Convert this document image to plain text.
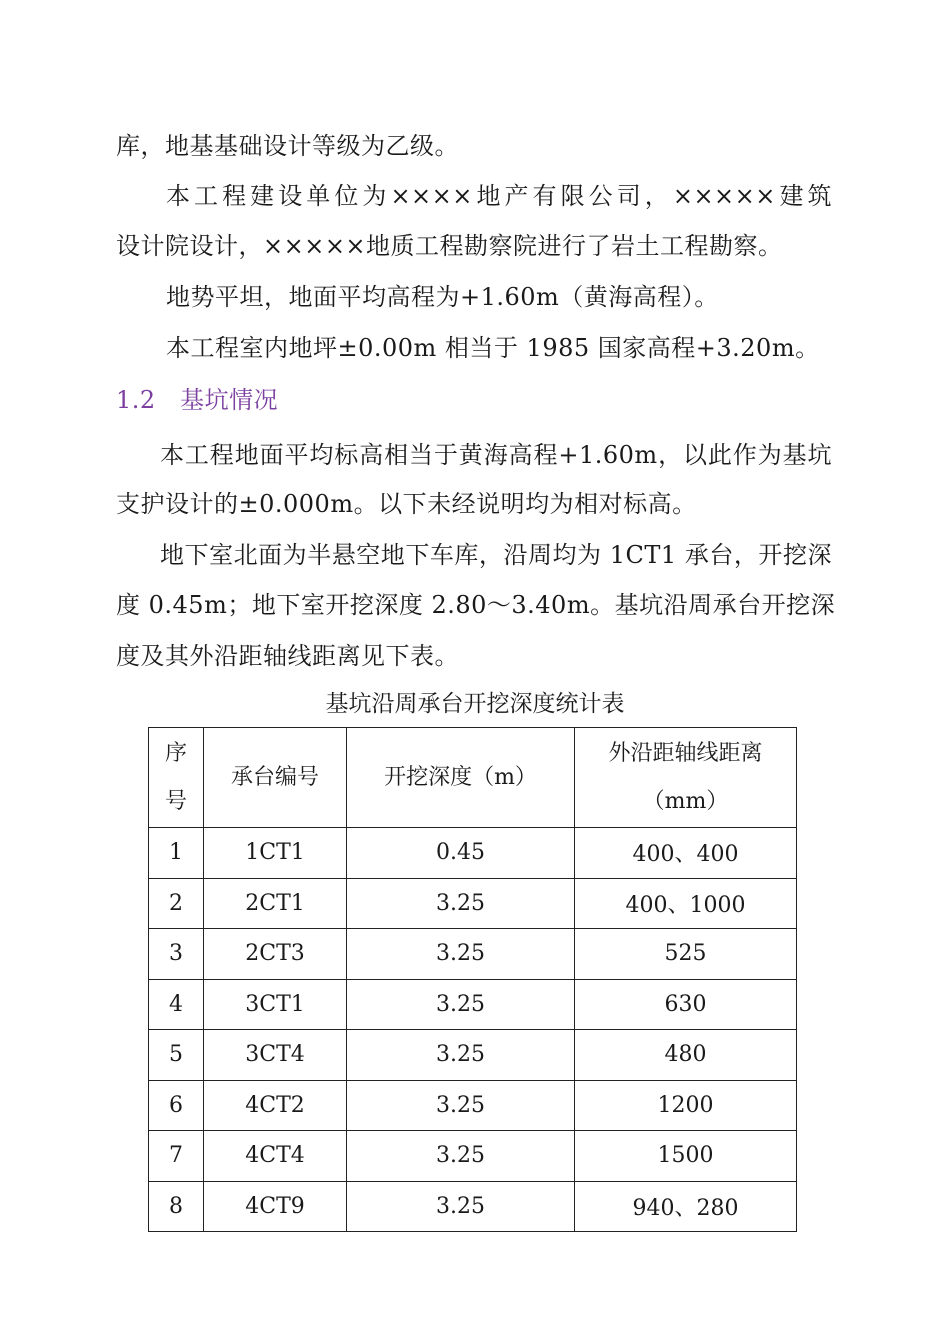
库，地基基础设计等级为乙级。
本工程建设单位为××××地产有限公司，×××××建筑
设计院设计，×××××地质工程勘察院进行了岩土工程勘察。
地势平坦，地面平均高程为+1.60m（黄海高程）。
本工程室内地坪±0.00m 相当于 1985 国家高程+3.20m。
1.2　基坑情况
本工程地面平均标高相当于黄海高程+1.60m，以此作为基坑
支护设计的±0.000m。以下未经说明均为相对标高。
地下室北面为半悬空地下车库，沿周均为 1CT1 承台，开挖深
度 0.45m；地下室开挖深度 2.80～3.40m。基坑沿周承台开挖深
度及其外沿距轴线距离见下表。
基坑沿周承台开挖深度统计表
序号	承台编号	开挖深度（m）	外沿距轴线距离
（mm）

1	1CT1	0.45	400、400
2	2CT1	3.25	400、1000
3	2CT3	3.25	525
4	3CT1	3.25	630
5	3CT4	3.25	480
6	4CT2	3.25	1200
7	4CT4	3.25	1500
8	4CT9	3.25	940、280
